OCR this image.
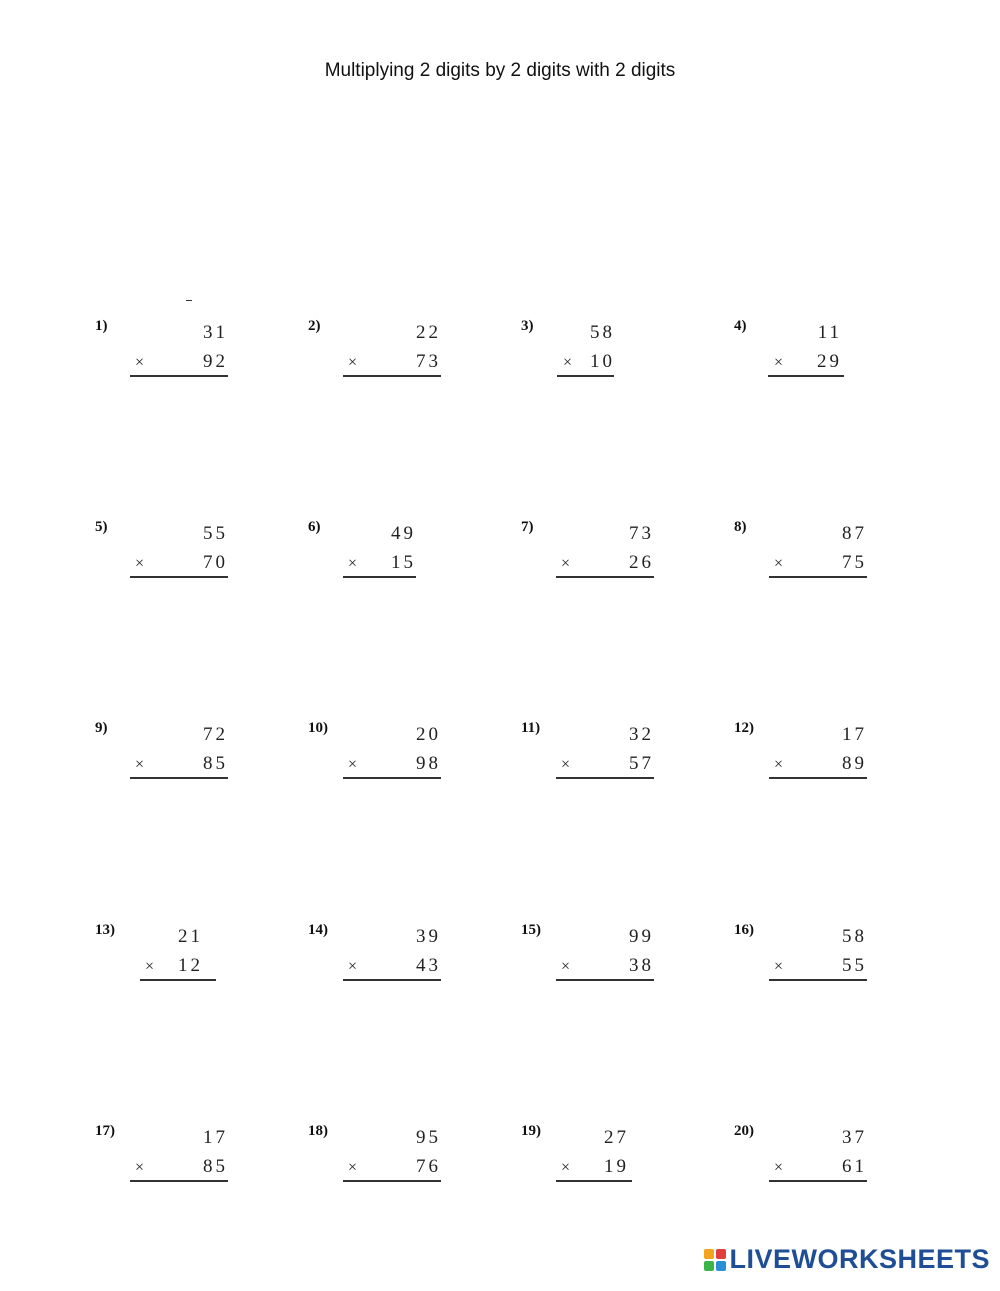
Multiplying 2 digits by 2 digits with 2 digits
1)	31
×	92
2)	22
×	73
3)	58
× 10
4)	11
× 29
5)	55
×	70
6)	49
× 15
7)	73
×	26
8)	87
×	75
9)	72
×	85
10)	20
×	98
11)	32
×	57
12)	17
×	89
13)	21
× 12
14)	39
×	43
15)	99
×	38
16)	58
×	55
17)	17
×	85
18)	95
×	76
19)	27
× 19
20)	37
×	61
LIVEWORKSHEETS
